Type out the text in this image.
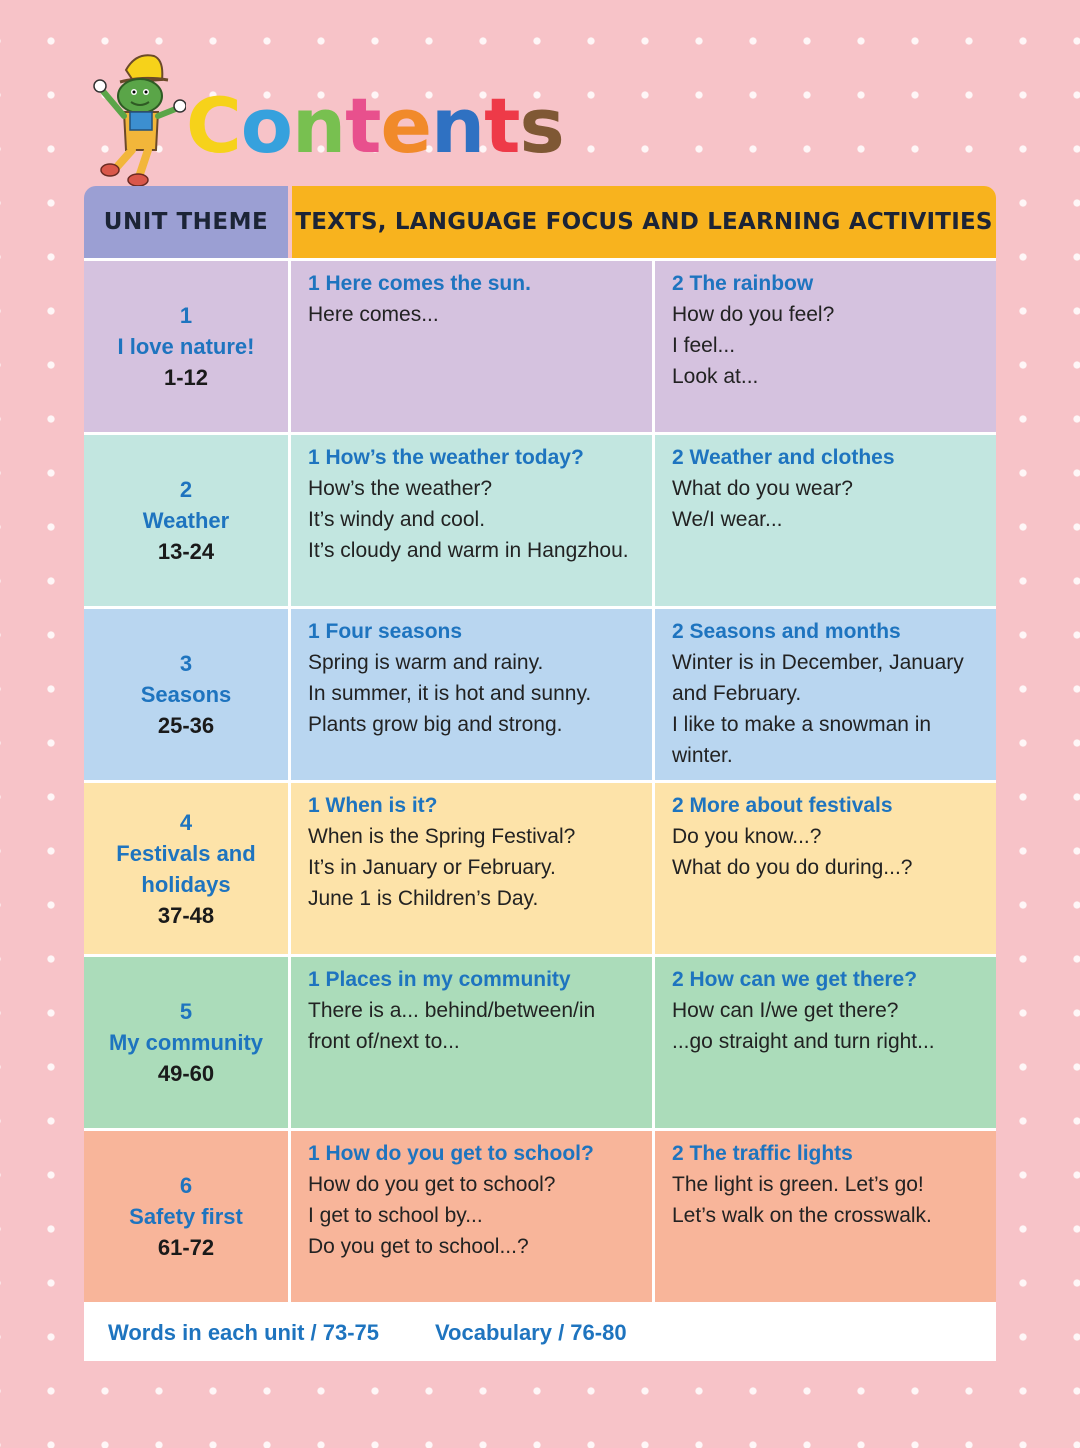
Contents
UNIT THEME	TEXTS, LANGUAGE FOCUS AND LEARNING ACTIVITIES
1
I love nature!
1-12
1 Here comes the sun.
Here comes...
2 The rainbow
How do you feel?
I feel...
Look at...
2
Weather
13-24
1 How’s the weather today?
How’s the weather?
It’s windy and cool.
It’s cloudy and warm in Hangzhou.
2 Weather and clothes
What do you wear?
We/I wear...
3
Seasons
25-36
1 Four seasons
Spring is warm and rainy.
In summer, it is hot and sunny.
Plants grow big and strong.
2 Seasons and months
Winter is in December, January
and February.
I like to make a snowman in
winter.
4
Festivals and holidays
37-48
1 When is it?
When is the Spring Festival?
It’s in January or February.
June 1 is Children’s Day.
2 More about festivals
Do you know...?
What do you do during...?
5
My community
49-60
1 Places in my community
There is a... behind/between/in
front of/next to...
2 How can we get there?
How can I/we get there?
...go straight and turn right...
6
Safety first
61-72
1 How do you get to school?
How do you get to school?
I get to school by...
Do you get to school...?
2 The traffic lights
The light is green. Let’s go!
Let’s walk on the crosswalk.
Words in each unit / 73-75	Vocabulary / 76-80
